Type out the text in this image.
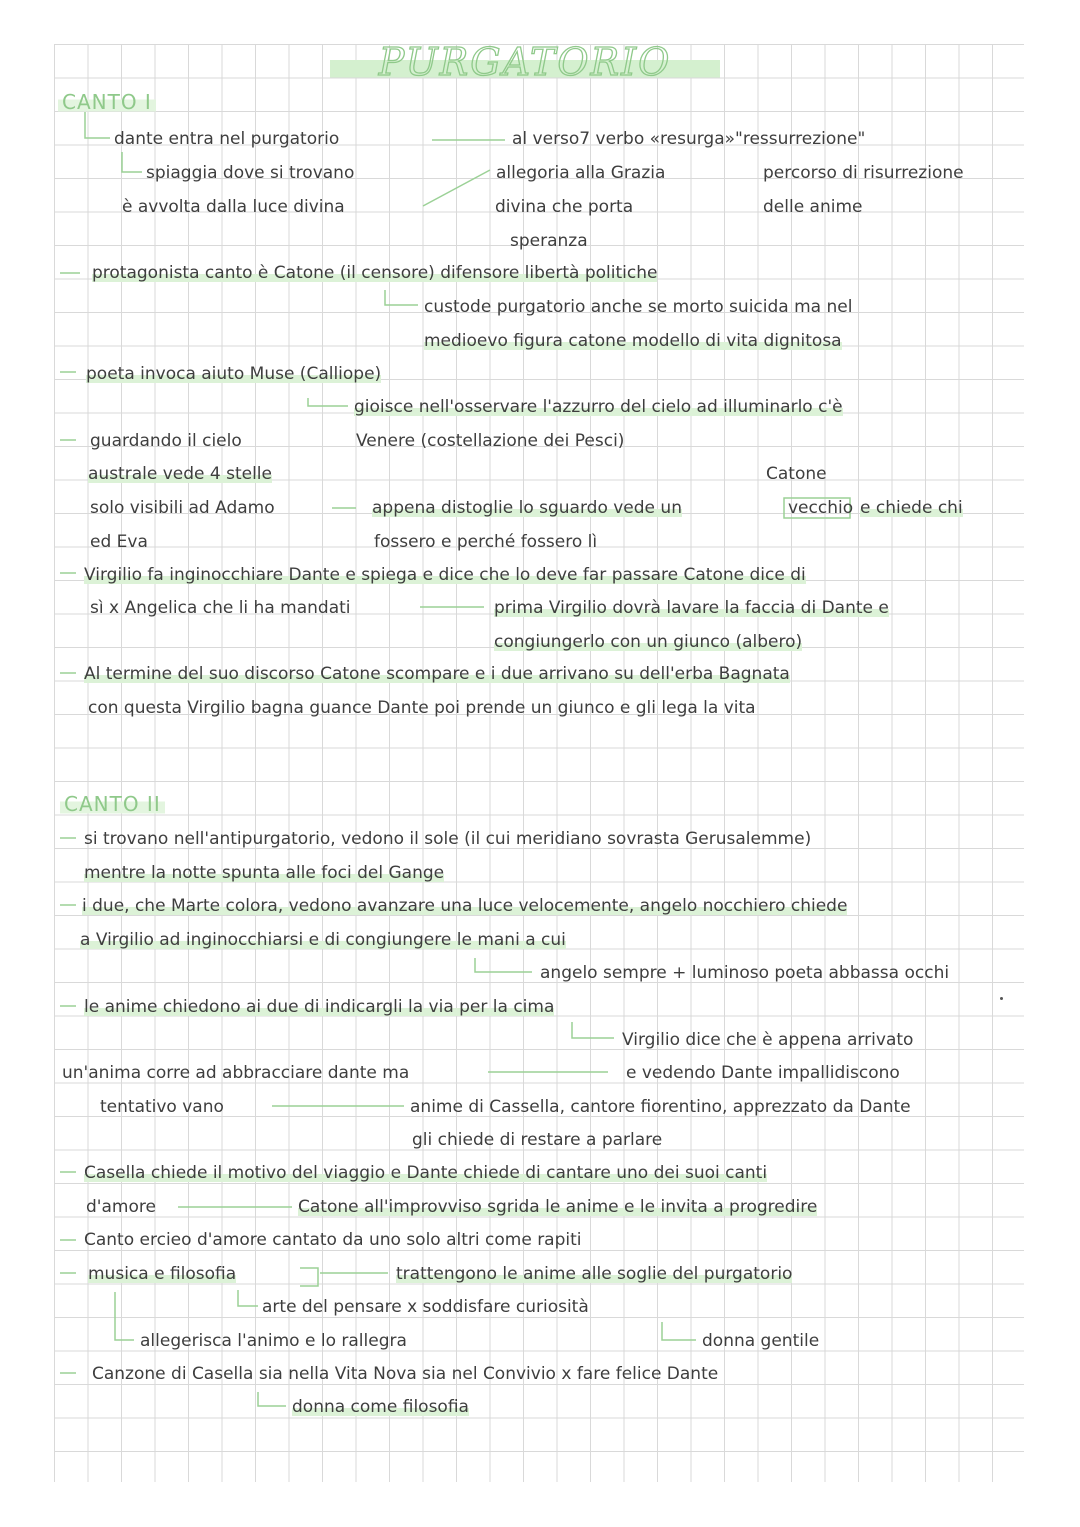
PURGATORIO
CANTO I
dante entra nel purgatorio	al verso7 verbo «resurga»"ressurrezione"
spiaggia dove si trovano	allegoria alla Grazia	percorso di risurrezione
è avvolta dalla luce divina	divina che porta	delle anime
speranza
protagonista canto è Catone (il censore) difensore libertà politiche
custode purgatorio anche se morto suicida ma nel
medioevo figura catone modello di vita dignitosa
poeta invoca aiuto Muse (Calliope)
gioisce nell'osservare l'azzurro del cielo ad illuminarlo c'è
guardando il cielo	Venere (costellazione dei Pesci)
australe vede 4 stelle	Catone
solo visibili ad Adamo	appena distoglie lo sguardo vede un	vecchio e chiede chi
ed Eva	fossero e perché fossero lì
Virgilio fa inginocchiare Dante e spiega e dice che lo deve far passare Catone dice di
sì x Angelica che li ha mandati	prima Virgilio dovrà lavare la faccia di Dante e
congiungerlo con un giunco (albero)
Al termine del suo discorso Catone scompare e i due arrivano su dell'erba Bagnata
con questa Virgilio bagna guance Dante poi prende un giunco e gli lega la vita
CANTO II
si trovano nell'antipurgatorio, vedono il sole (il cui meridiano sovrasta Gerusalemme)
mentre la notte spunta alle foci del Gange
i due, che Marte colora, vedono avanzare una luce velocemente, angelo nocchiero chiede
a Virgilio ad inginocchiarsi e di congiungere le mani a cui
angelo sempre + luminoso poeta abbassa occhi
le anime chiedono ai due di indicargli la via per la cima
Virgilio dice che è appena arrivato
un'anima corre ad abbracciare dante ma	e vedendo Dante impallidiscono
tentativo vano	anime di Cassella, cantore fiorentino, apprezzato da Dante
gli chiede di restare a parlare
Casella chiede il motivo del viaggio e Dante chiede di cantare uno dei suoi canti
d'amore	Catone all'improvviso sgrida le anime e le invita a progredire
Canto ercieo d'amore cantato da uno solo altri come rapiti
musica e filosofia	trattengono le anime alle soglie del purgatorio
arte del pensare x soddisfare curiosità
allegerisca l'animo e lo rallegra	donna gentile
Canzone di Casella sia nella Vita Nova sia nel Convivio x fare felice Dante
donna come filosofia
